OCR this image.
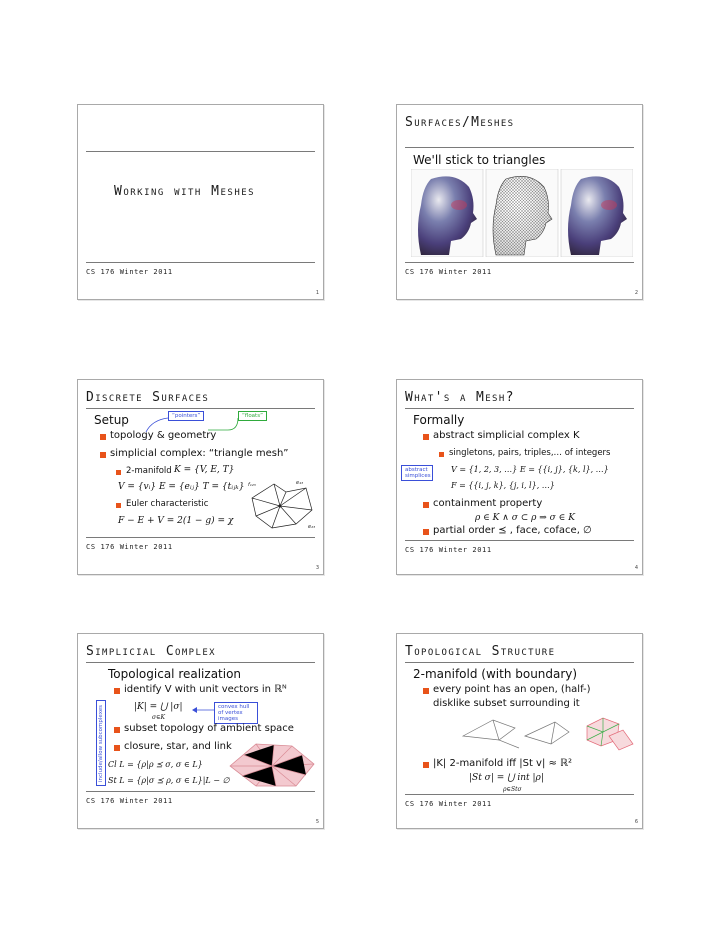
Working with Meshes
CS 176 Winter 2011
1
Surfaces/Meshes
We'll stick to triangles
CS 176 Winter 2011
2
Discrete Surfaces
Setup	“pointers”	“floats”
topology & geometry
simplicial complex: “triangle mesh”
2-manifold K = {V, E, T}
V = {vᵢ} E = {eᵢⱼ} T = {tᵢⱼₖ}
Euler characteristic
F − E + V = 2(1 − g) = χ
f₁₂₃	e₄₃
e₂₃
CS 176 Winter 2011
3
What's a Mesh?
Formally
abstract simplicial complex K
singletons, pairs, triples,… of integers
V = {1, 2, 3, …} E = {{i, j}, {k, l}, …}
abstract simplices
F = {{i, j, k}, {j, i, l}, …}
containment property
ρ ∈ K ∧ σ ⊂ ρ ⇒ σ ∈ K
partial order ⪯ , face, coface, ∅
CS 176 Winter 2011
4
Simplicial Complex
Topological realization
identify V with unit vectors in ℝᴺ
|K| = ⋃ |σ|
σ∈K
convex hull of vertex images
include/allow subcomplexes subset topology of ambient space
closure, star, and link
Cl L = {ρ|ρ ⪯ σ, σ ∈ L}
St L = {ρ|σ ⪯ ρ, σ ∈ L}|L − ∅
CS 176 Winter 2011
5
Topological Structure
2-manifold (with boundary)
every point has an open, (half-)
disklike subset surrounding it
|K| 2-manifold iff |St v| ≈ ℝ²
|St σ| = ⋃ int |ρ|
ρ∈Stσ
CS 176 Winter 2011
6
